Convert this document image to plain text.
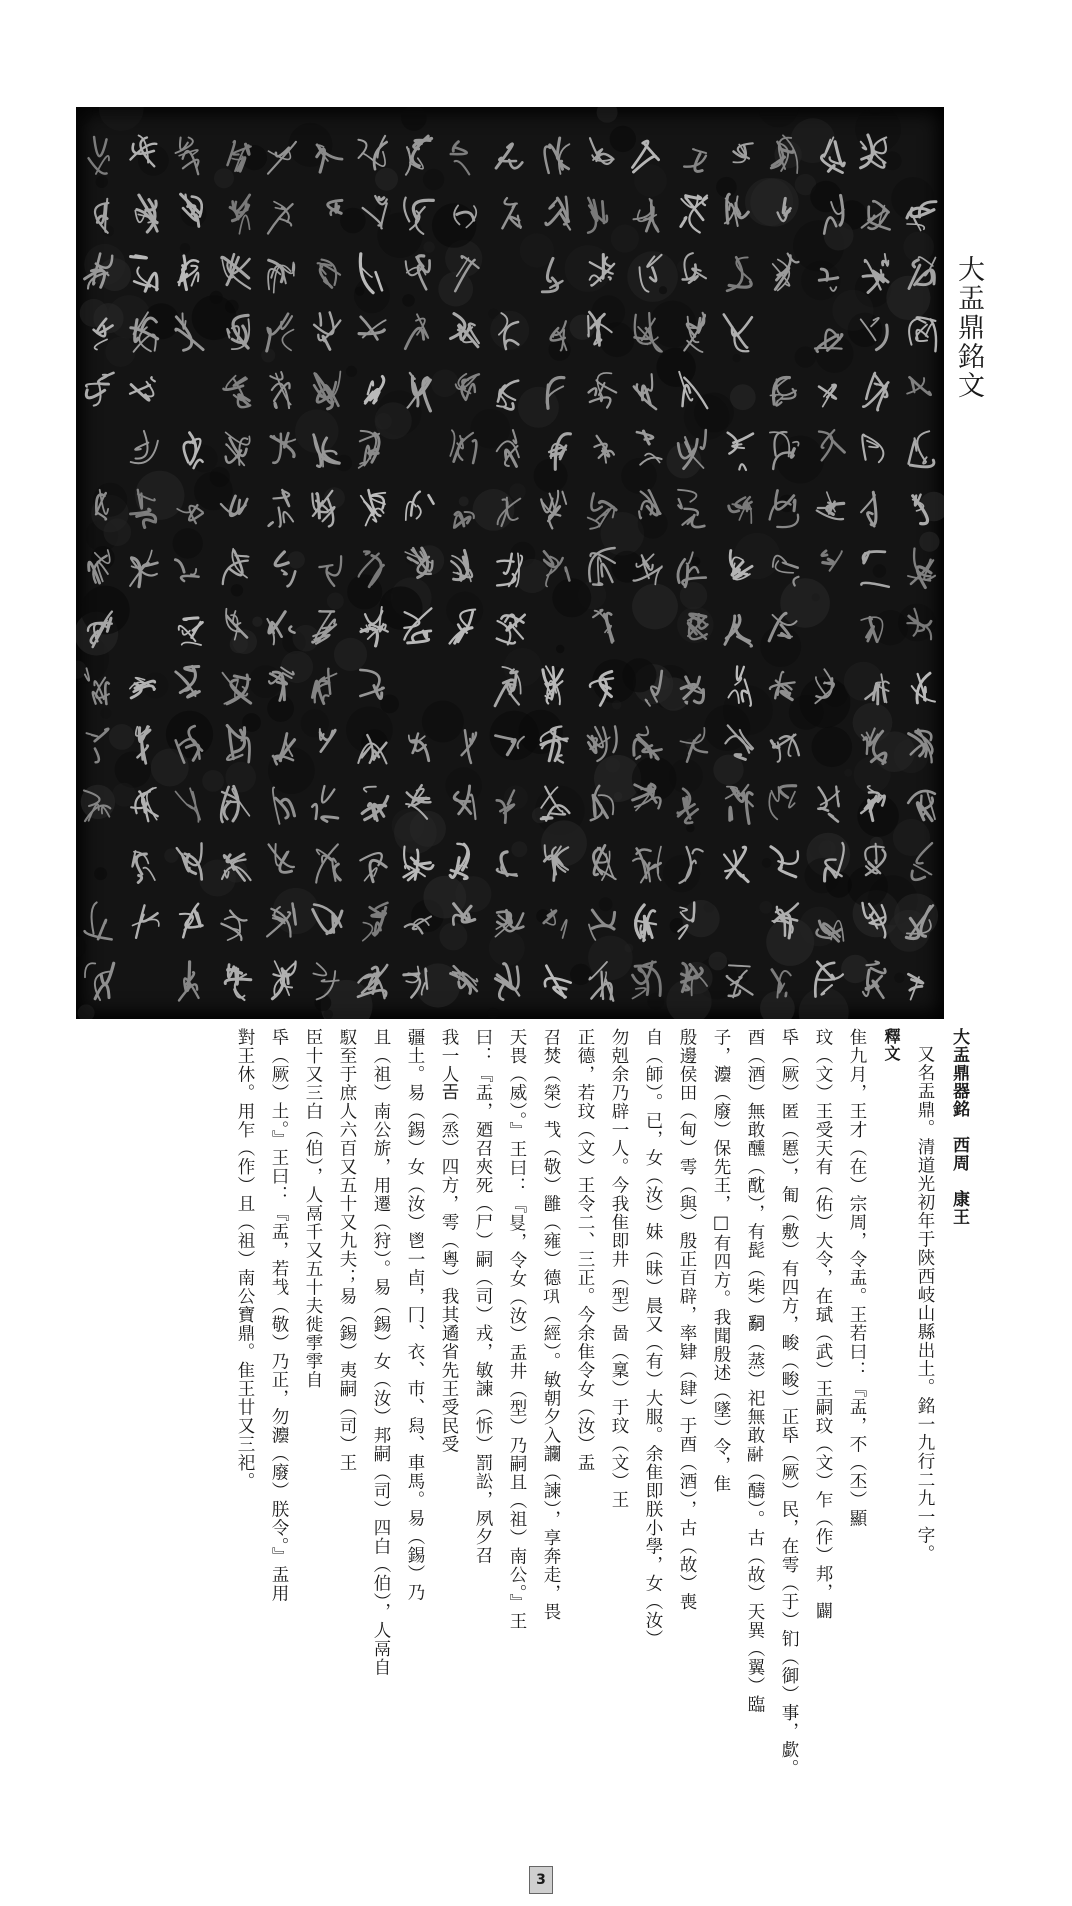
大盂鼎銘文

大盂鼎器銘　西周　康王

又名盂鼎。清道光初年于陝西岐山縣出土。銘一九行二九一字。

釋文

隹九月，王才（在）宗周，令盂。王若曰：『盂，不（丕）顯

玟（文）王受天有（佑）大令，在珷（武）王嗣玟（文）乍（作）邦，闢

氒（厥）匿（慝），匍（敷）有四方，畯（畯）正氒（厥）民，在雩（于）钔（御）事，歔。

酉（酒）無敢醺（酖），有髭（柴）𤔲（蒸）祀無敢𩰫（醻）。古（故）天異（翼）臨

子，灋（廢）保先王，□有四方。我聞殷述（墜）令，隹

殷邊侯田（甸）雩（與）殷正百辟，率肄（肆）于酉（酒），古（故）喪

自（師）。已，女（汝）妹（昧）晨又（有）大服。余隹即朕小學，女（汝）

勿剋余乃辟一人。今我隹即井（型）啚（稟）于玟（文）王

正德，若玟（文）王令二、三正。今余隹令女（汝）盂

召焚（榮）𢦏（敬）雝（雍）德𢀜（經）。敏朝夕入讕（諫），享奔走，畏

天畏（威）。』王曰：『𠭁，令女（汝）盂井（型）乃嗣且（祖）南公。』王

曰：『盂，廼召夾死（尸）嗣（司）戎，敏諫（𢘛）罰訟，夙夕召

我一人𢀛（烝）四方，雩（粵）我其遹省先王受民受

疆土。易（錫）女（汝）鬯一卣，冂、衣、巿、舄、車馬。易（錫）乃

且（祖）南公旂，用遷（狩）。易（錫）女（汝）邦嗣（司）四白（伯），人鬲自

馭至于庶人六百又五十又九夫；易（錫）夷嗣（司）王

臣十又三白（伯），人鬲千又五十夫徙𩁹𩁹自

氒（厥）土。』王曰：『盂，若𢦏（敬）乃正，勿灋（廢）朕令。』盂用

對王休。用乍（作）且（祖）南公寶鼎。隹王廿又三祀。

3
